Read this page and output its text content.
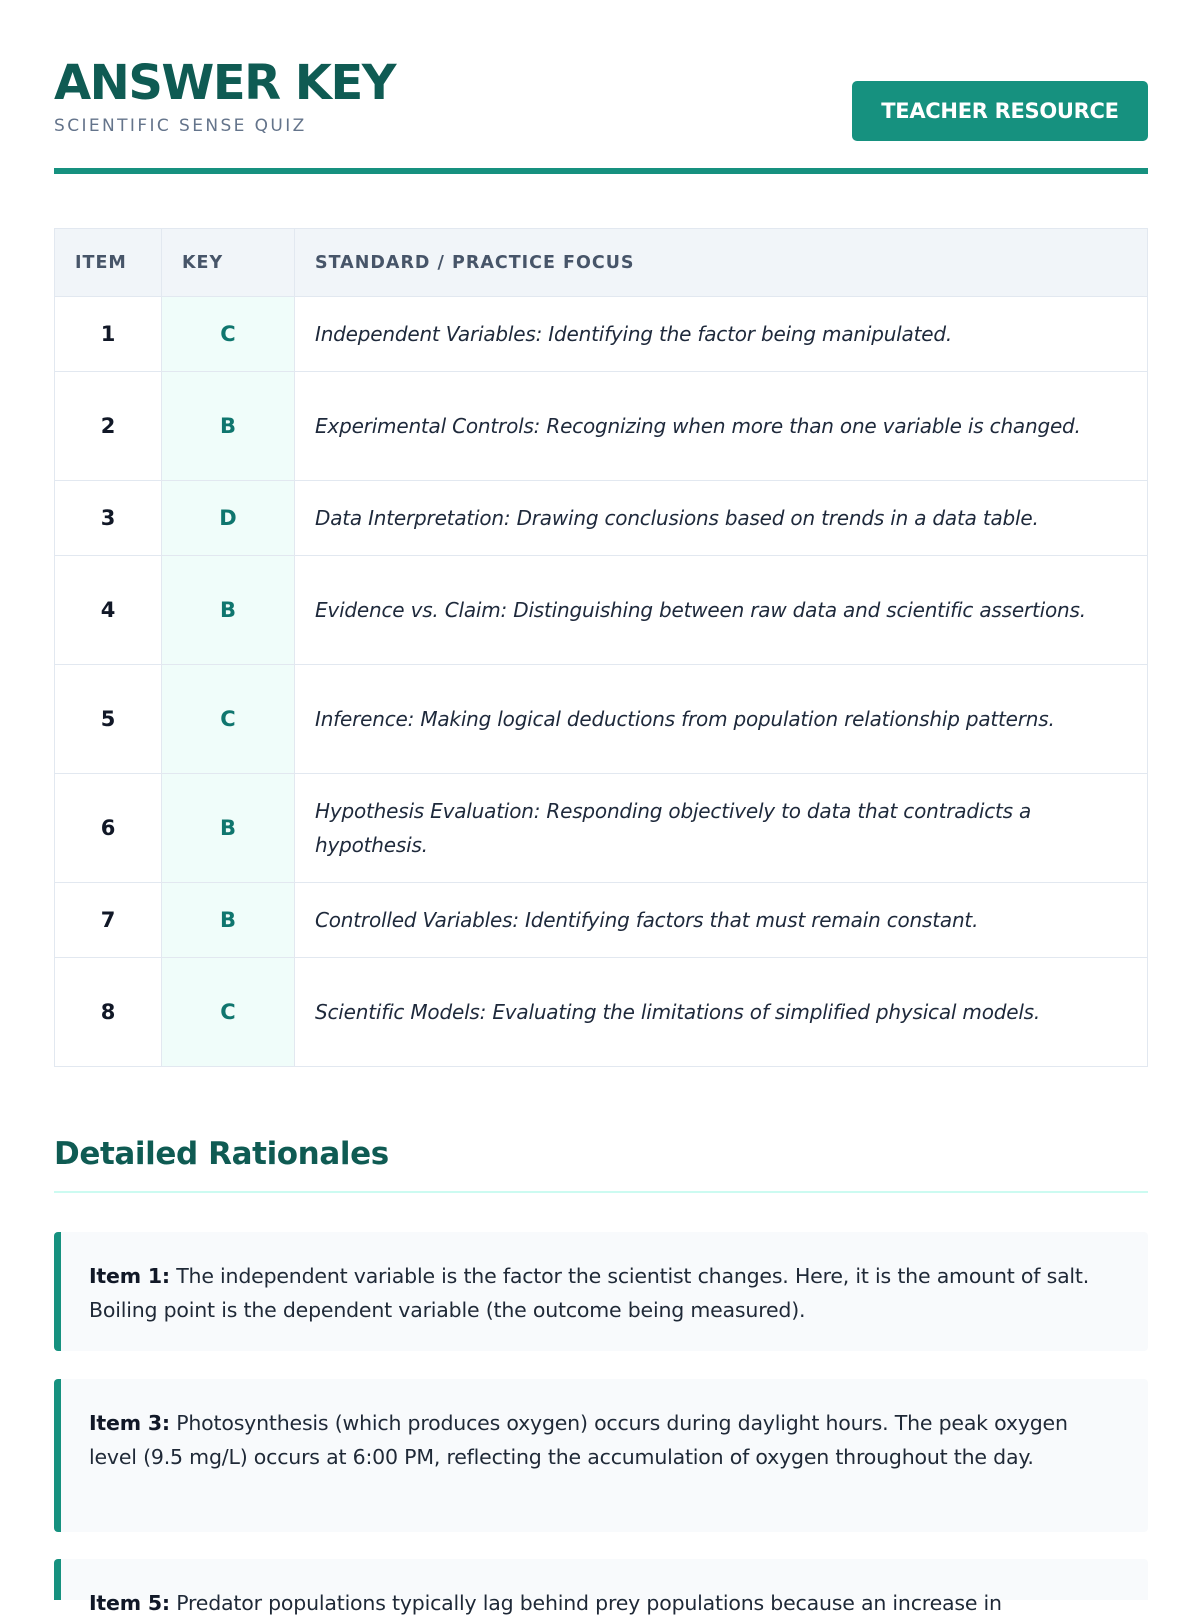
ANSWER KEY
SCIENTIFIC SENSE QUIZ
TEACHER RESOURCE
ITEM	KEY	STANDARD / PRACTICE FOCUS
1	C	Independent Variables: Identifying the factor being manipulated.
2	B	Experimental Controls: Recognizing when more than one variable is changed.
3	D	Data Interpretation: Drawing conclusions based on trends in a data table.
4	B	Evidence vs. Claim: Distinguishing between raw data and scientific assertions.
5	C	Inference: Making logical deductions from population relationship patterns.
6	B	Hypothesis Evaluation: Responding objectively to data that contradicts a hypothesis.
7	B	Controlled Variables: Identifying factors that must remain constant.
8	C	Scientific Models: Evaluating the limitations of simplified physical models.
Detailed Rationales
Item 1: The independent variable is the factor the scientist changes. Here, it is the amount of salt. Boiling point is the dependent variable (the outcome being measured).
Item 3: Photosynthesis (which produces oxygen) occurs during daylight hours. The peak oxygen level (9.5 mg/L) occurs at 6:00 PM, reflecting the accumulation of oxygen throughout the day.
Item 5: Predator populations typically lag behind prey populations because an increase in
